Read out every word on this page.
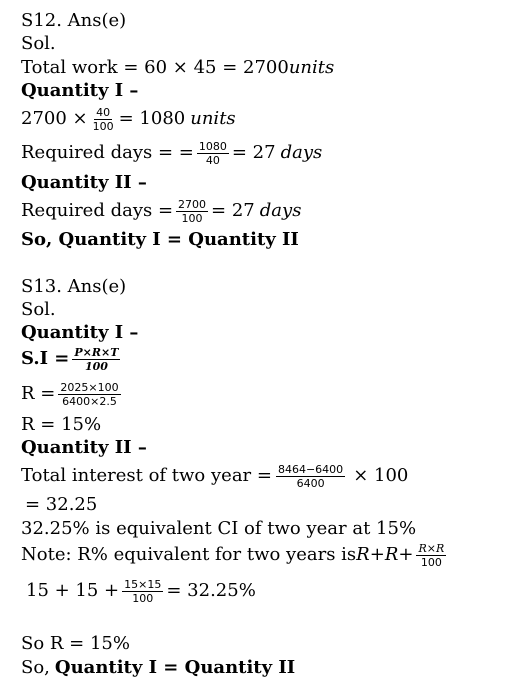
S12. Ans(e)
Sol.
Total work = 60 × 45 = 2700 units
Quantity I –
$2700 \times \frac{40}{100} = 1080$ units
Required days = = $\frac{1080}{40} = 27$ days
Quantity II –
Required days = $\frac{2700}{100} = 27$ days
So, Quantity I = Quantity II
S13. Ans(e)
Sol.
Quantity I –
$S.I = \frac{P\times R\times T}{100}$
$R = \frac{2025\times 100}{6400\times 2.5}$
R = 15%
Quantity II –
Total interest of two year = $\frac{8464-6400}{6400} \times 100$
= 32.25
32.25% is equivalent CI of two year at 15%
Note: R% equivalent for two years is $R + R + \frac{R\times R}{100}$
$15 + 15 + \frac{15\times 15}{100} = 32.25\%$
So R = 15%
So, Quantity I = Quantity II
